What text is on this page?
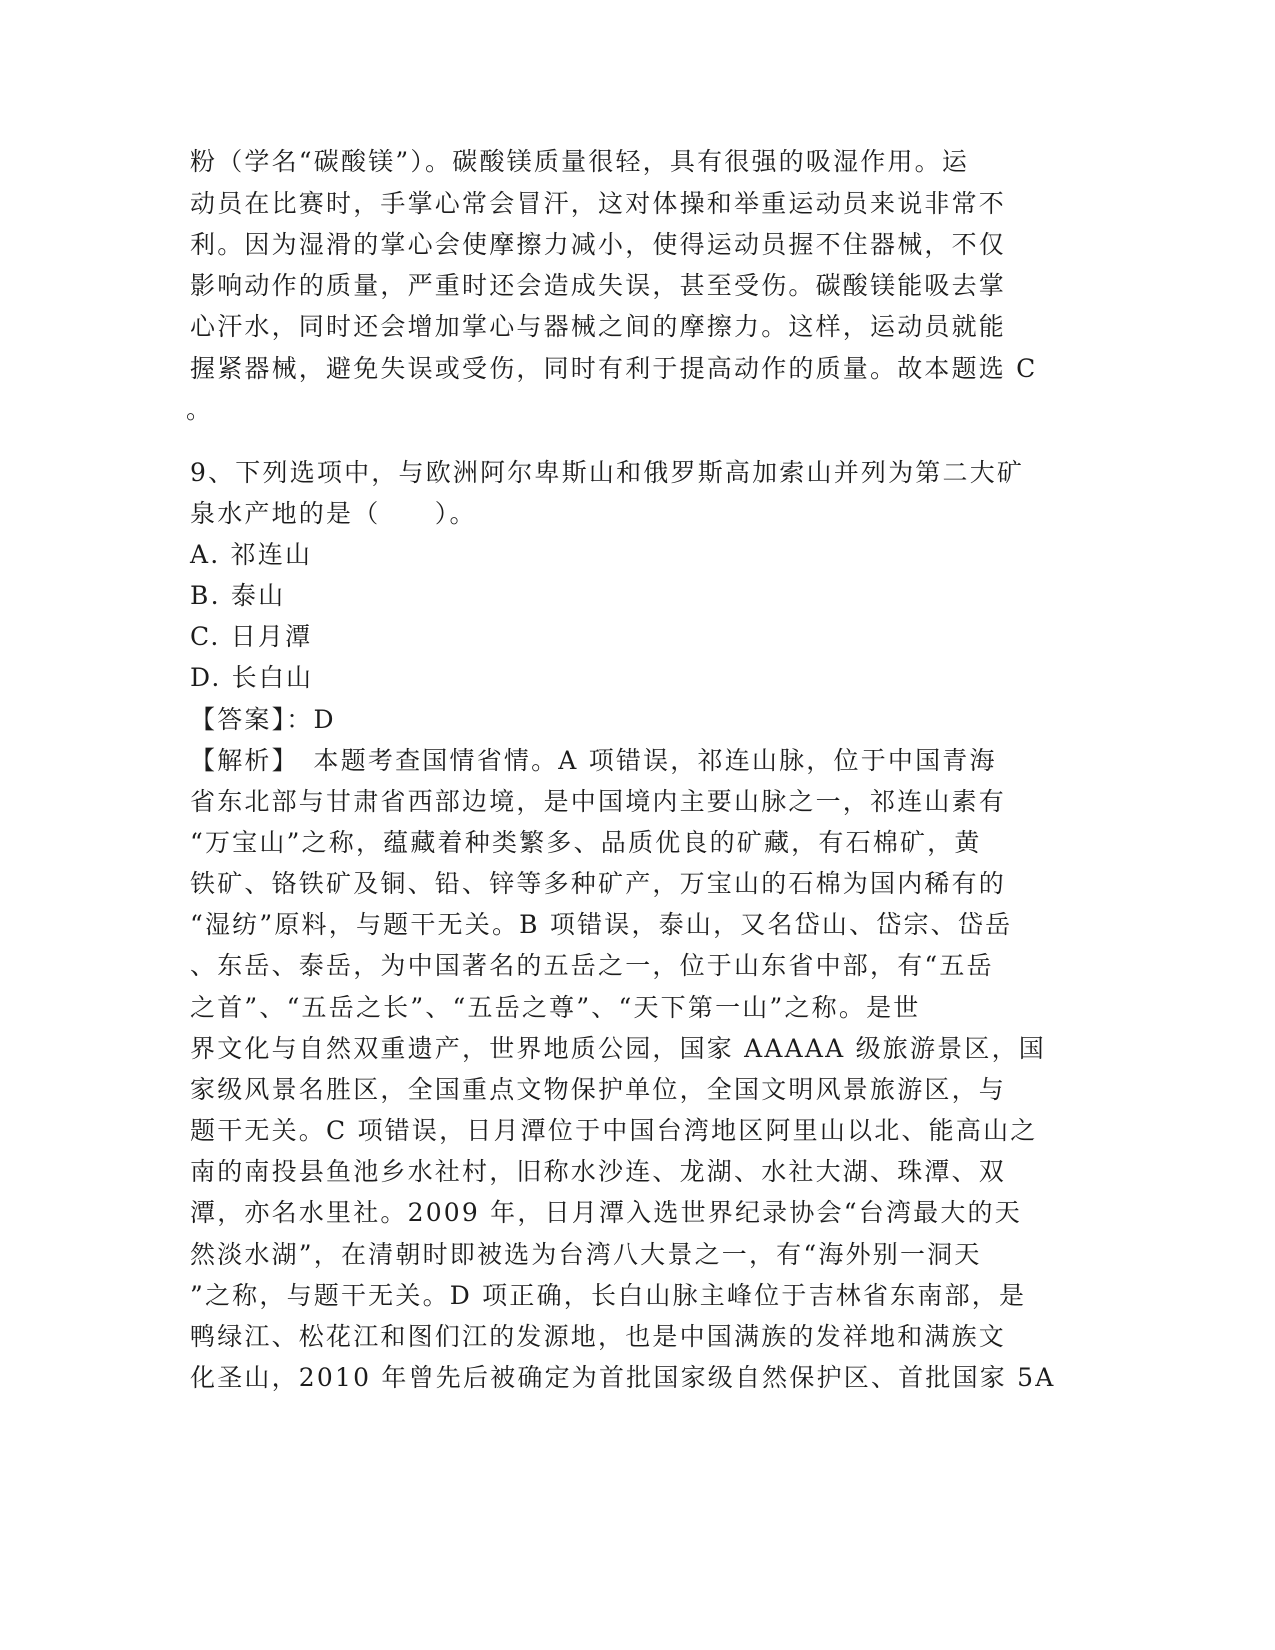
粉（学名“碳酸镁”）。碳酸镁质量很轻，具有很强的吸湿作用。运
动员在比赛时，手掌心常会冒汗，这对体操和举重运动员来说非常不
利。因为湿滑的掌心会使摩擦力减小，使得运动员握不住器械，不仅
影响动作的质量，严重时还会造成失误，甚至受伤。碳酸镁能吸去掌
心汗水，同时还会增加掌心与器械之间的摩擦力。这样，运动员就能
握紧器械，避免失误或受伤，同时有利于提高动作的质量。故本题选 C
。
9、下列选项中，与欧洲阿尔卑斯山和俄罗斯高加索山并列为第二大矿
泉水产地的是（　　）。
A. 祁连山
B. 泰山
C. 日月潭
D. 长白山
【答案】：D
【解析】　本题考查国情省情。A 项错误，祁连山脉，位于中国青海
省东北部与甘肃省西部边境，是中国境内主要山脉之一，祁连山素有
“万宝山”之称，蕴藏着种类繁多、品质优良的矿藏，有石棉矿，黄
铁矿、铬铁矿及铜、铅、锌等多种矿产，万宝山的石棉为国内稀有的
“湿纺”原料，与题干无关。B 项错误，泰山，又名岱山、岱宗、岱岳
、东岳、泰岳，为中国著名的五岳之一，位于山东省中部，有“五岳
之首”、“五岳之长”、“五岳之尊”、“天下第一山”之称。是世
界文化与自然双重遗产，世界地质公园，国家 AAAAA 级旅游景区，国
家级风景名胜区，全国重点文物保护单位，全国文明风景旅游区，与
题干无关。C 项错误，日月潭位于中国台湾地区阿里山以北、能高山之
南的南投县鱼池乡水社村，旧称水沙连、龙湖、水社大湖、珠潭、双
潭，亦名水里社。2009 年，日月潭入选世界纪录协会“台湾最大的天
然淡水湖”，在清朝时即被选为台湾八大景之一，有“海外别一洞天
”之称，与题干无关。D 项正确，长白山脉主峰位于吉林省东南部，是
鸭绿江、松花江和图们江的发源地，也是中国满族的发祥地和满族文
化圣山，2010 年曾先后被确定为首批国家级自然保护区、首批国家 5A
